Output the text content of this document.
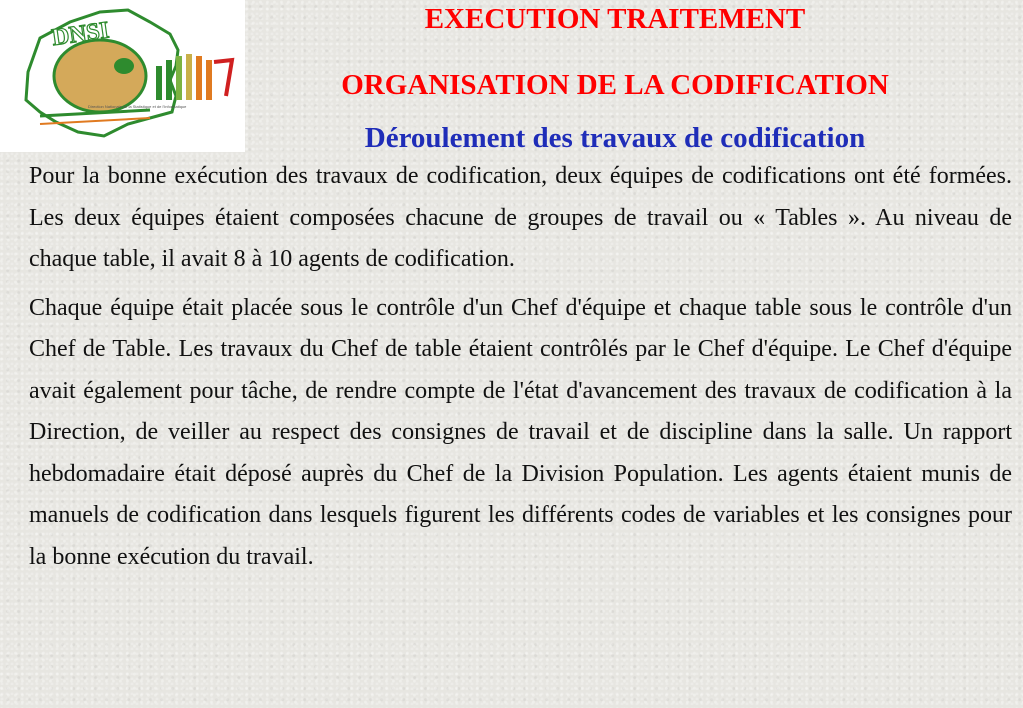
DNSI
Direction Nationale de la Statistique et de l'Informatique
EXECUTION TRAITEMENT
ORGANISATION DE LA CODIFICATION
Déroulement des travaux de codification

Pour la bonne exécution des travaux de codification, deux équipes de codifications ont été formées. Les deux équipes étaient composées chacune de groupes de travail ou « Tables ». Au niveau de chaque table, il avait 8 à 10 agents de codification.

Chaque équipe était placée sous le contrôle d'un Chef d'équipe et chaque table sous le contrôle d'un Chef de Table. Les travaux du Chef de table étaient contrôlés par le Chef d'équipe. Le Chef d'équipe avait également pour tâche, de rendre compte de l'état d'avancement des travaux de codification à la Direction, de veiller au respect des consignes de travail et de discipline dans la salle. Un rapport hebdomadaire était déposé auprès du Chef de la Division Population. Les agents étaient munis de manuels de codification dans lesquels figurent les différents codes de variables et les consignes pour la bonne exécution du travail.
